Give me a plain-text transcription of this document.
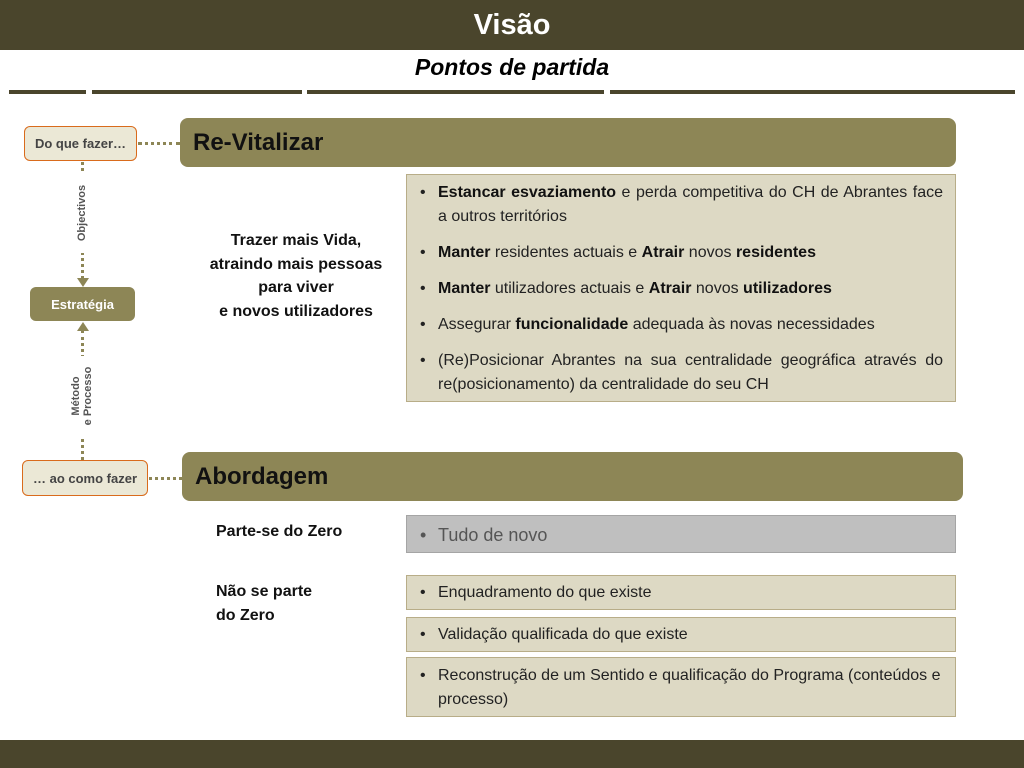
Visão
Pontos de partida
Do que fazer…
Objectivos
Estratégia
Método e Processo
… ao como fazer
Re-Vitalizar
Trazer mais Vida,
atraindo mais pessoas
para viver
e novos utilizadores
• Estancar esvaziamento e perda competitiva do CH de Abrantes face a outros territórios
• Manter residentes actuais e Atrair novos residentes
• Manter utilizadores actuais e Atrair novos utilizadores
• Assegurar funcionalidade adequada às novas necessidades
• (Re)Posicionar Abrantes na sua centralidade geográfica através do re(posicionamento) da centralidade do seu CH
Abordagem
Parte-se do Zero
•	Tudo de novo
Não se parte
do Zero
• Enquadramento do que existe
• Validação qualificada do que existe
• Reconstrução de um Sentido e qualificação do Programa (conteúdos e processo)
